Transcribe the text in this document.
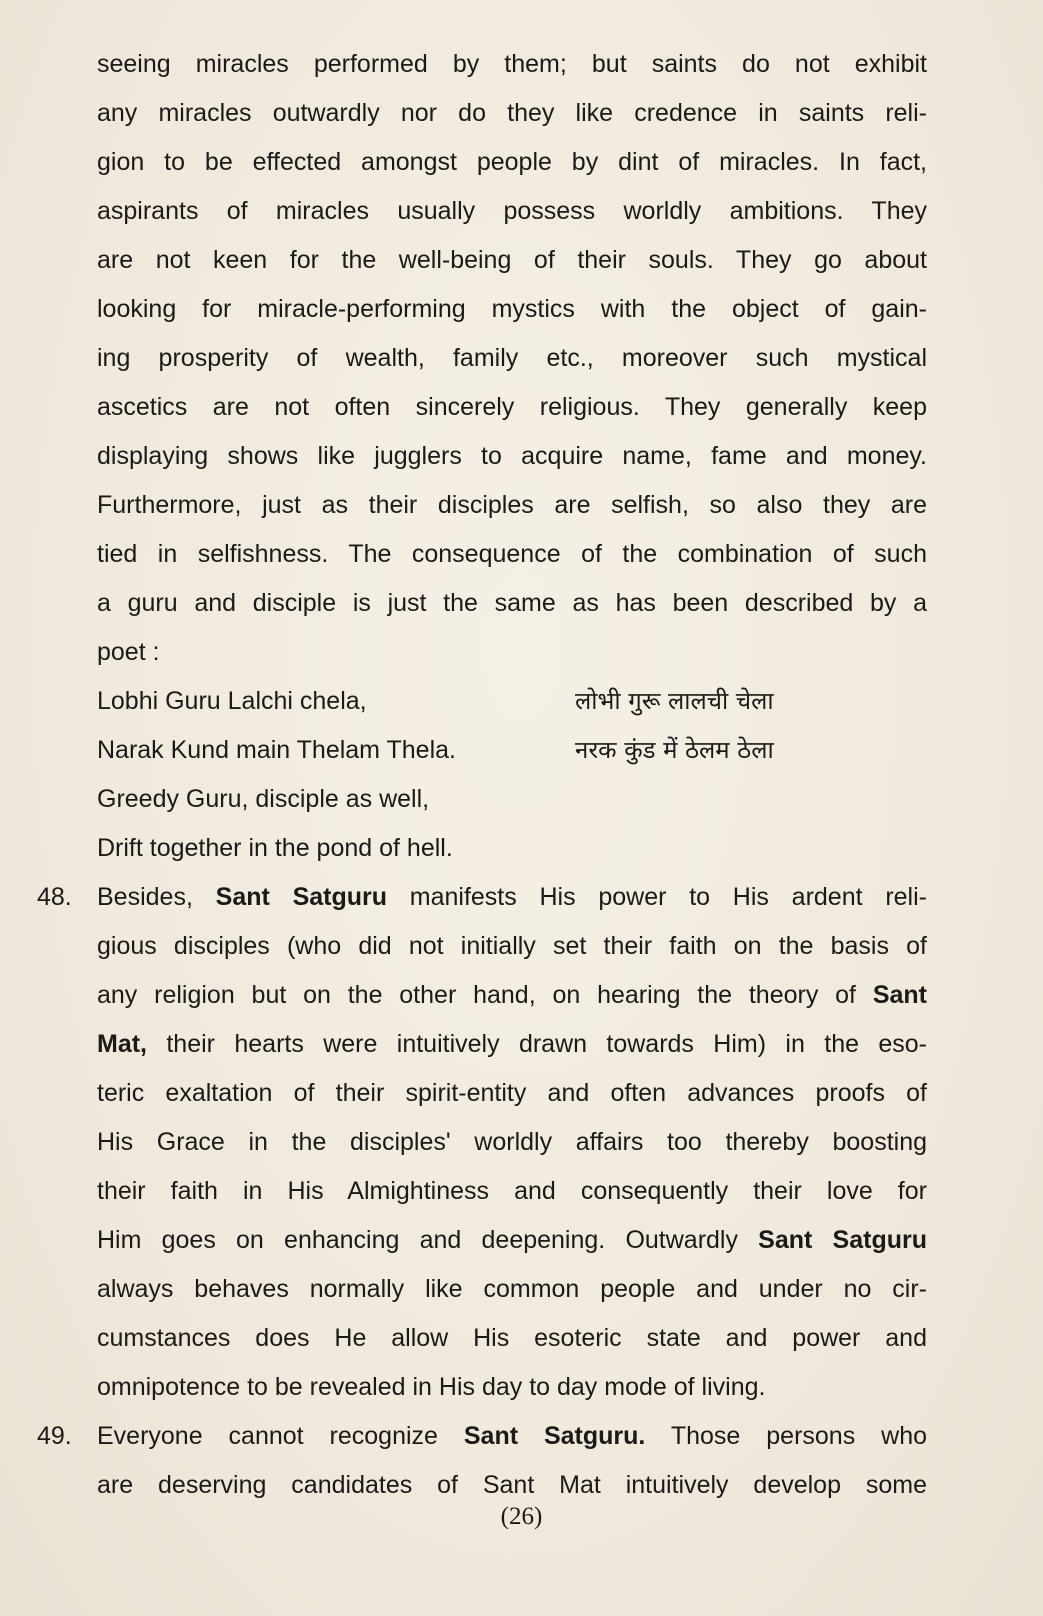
seeing miracles performed by them; but saints do not exhibit
any miracles outwardly nor do they like credence in saints reli-
gion to be effected amongst people by dint of miracles. In fact,
aspirants of miracles usually possess worldly ambitions. They
are not keen for the well-being of their souls. They go about
looking for miracle-performing mystics with the object of gain-
ing prosperity of wealth, family etc., moreover such mystical
ascetics are not often sincerely religious. They generally keep
displaying shows like jugglers to acquire name, fame and money.
Furthermore, just as their disciples are selfish, so also they are
tied in selfishness. The consequence of the combination of such
a guru and disciple is just the same as has been described by a
poet :
Lobhi Guru Lalchi chela,	लोभी गुरू लालची चेला
Narak Kund main Thelam Thela.	नरक कुंड में ठेलम ठेला
Greedy Guru, disciple as well,
Drift together in the pond of hell.
48.	Besides, Sant Satguru manifests His power to His ardent reli-
gious disciples (who did not initially set their faith on the basis of
any religion but on the other hand, on hearing the theory of Sant
Mat, their hearts were intuitively drawn towards Him) in the eso-
teric exaltation of their spirit-entity and often advances proofs of
His Grace in the disciples' worldly affairs too thereby boosting
their faith in His Almightiness and consequently their love for
Him goes on enhancing and deepening. Outwardly Sant Satguru
always behaves normally like common people and under no cir-
cumstances does He allow His esoteric state and power and
omnipotence to be revealed in His day to day mode of living.
49.	Everyone cannot recognize Sant Satguru. Those persons who
are deserving candidates of Sant Mat intuitively develop some
(26)
